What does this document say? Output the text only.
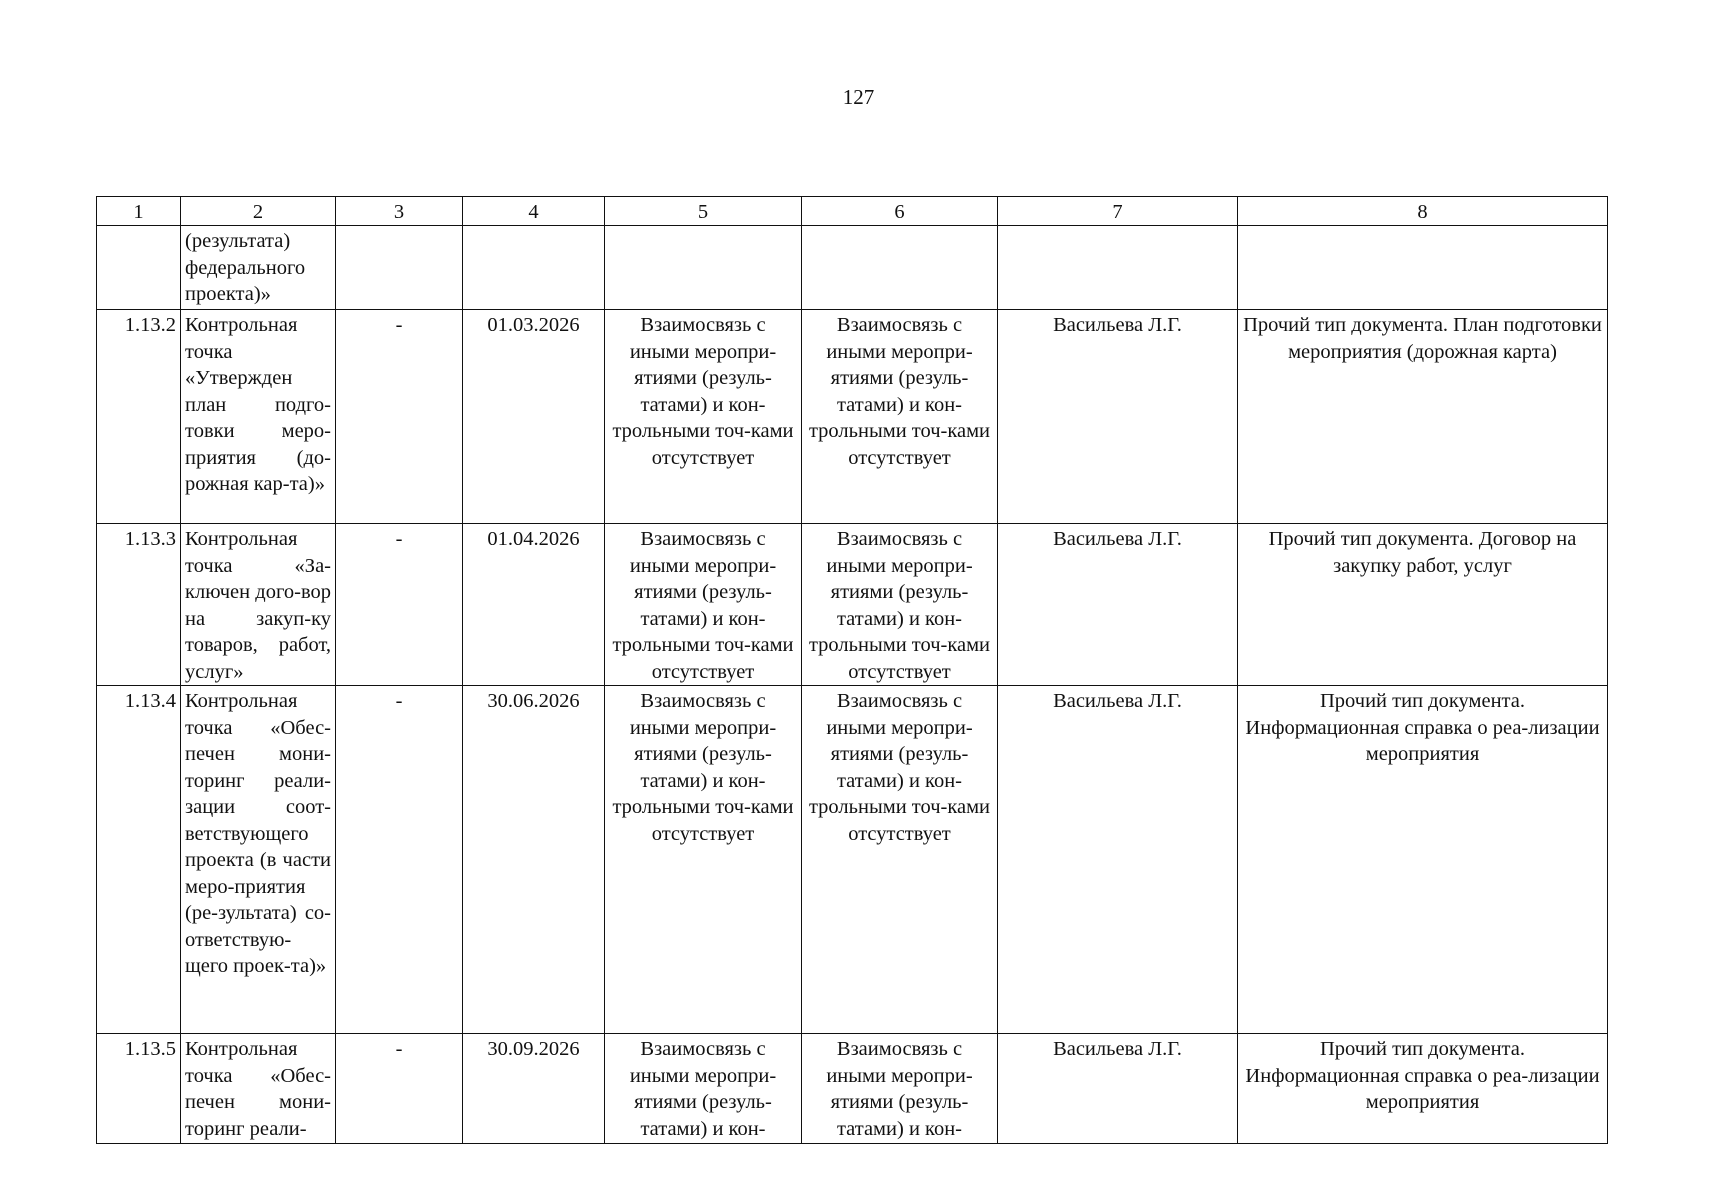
127
1	2	3	4	5	6	7	8
	(результата) федерального проекта)»						
1.13.2	Контрольная точка «Утвержден план подго-товки меро-приятия (до-рожная кар-та)»	-	01.03.2026	Взаимосвязь с иными меропри-ятиями (резуль-татами) и кон-трольными точ-ками отсутствует	Взаимосвязь с иными меропри-ятиями (резуль-татами) и кон-трольными точ-ками отсутствует	Васильева Л.Г.	Прочий тип документа. План подготовки мероприятия (дорожная карта)
1.13.3	Контрольная точка «За-ключен дого-вор на закуп-ку товаров, работ, услуг»	-	01.04.2026	Взаимосвязь с иными меропри-ятиями (резуль-татами) и кон-трольными точ-ками отсутствует	Взаимосвязь с иными меропри-ятиями (резуль-татами) и кон-трольными точ-ками отсутствует	Васильева Л.Г.	Прочий тип документа. Договор на закупку работ, услуг
1.13.4	Контрольная точка «Обес-печен мони-торинг реали-зации соот-ветствующего проекта (в части меро-приятия (ре-зультата) со-ответствую-щего проек-та)»	-	30.06.2026	Взаимосвязь с иными меропри-ятиями (резуль-татами) и кон-трольными точ-ками отсутствует	Взаимосвязь с иными меропри-ятиями (резуль-татами) и кон-трольными точ-ками отсутствует	Васильева Л.Г.	Прочий тип документа. Информационная справка о реа-лизации мероприятия
1.13.5	Контрольная точка «Обес-печен мони-торинг реали-	-	30.09.2026	Взаимосвязь с иными меропри-ятиями (резуль-татами) и кон-	Взаимосвязь с иными меропри-ятиями (резуль-татами) и кон-	Васильева Л.Г.	Прочий тип документа. Информационная справка о реа-лизации мероприятия
